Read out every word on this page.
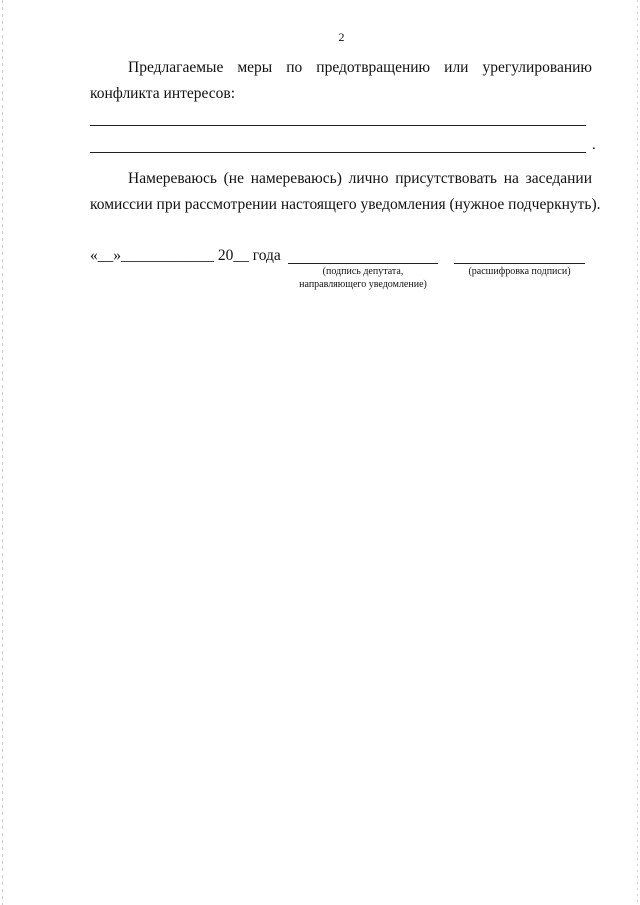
2
Предлагаемые меры по предотвращению или урегулированию
конфликта интересов:
.
Намереваюсь (не намереваюсь) лично присутствовать на заседании
комиссии при рассмотрении настоящего уведомления (нужное подчеркнуть).
«__»____________ 20__ года
(подпись депутата,
направляющего уведомление)
(расшифровка подписи)
